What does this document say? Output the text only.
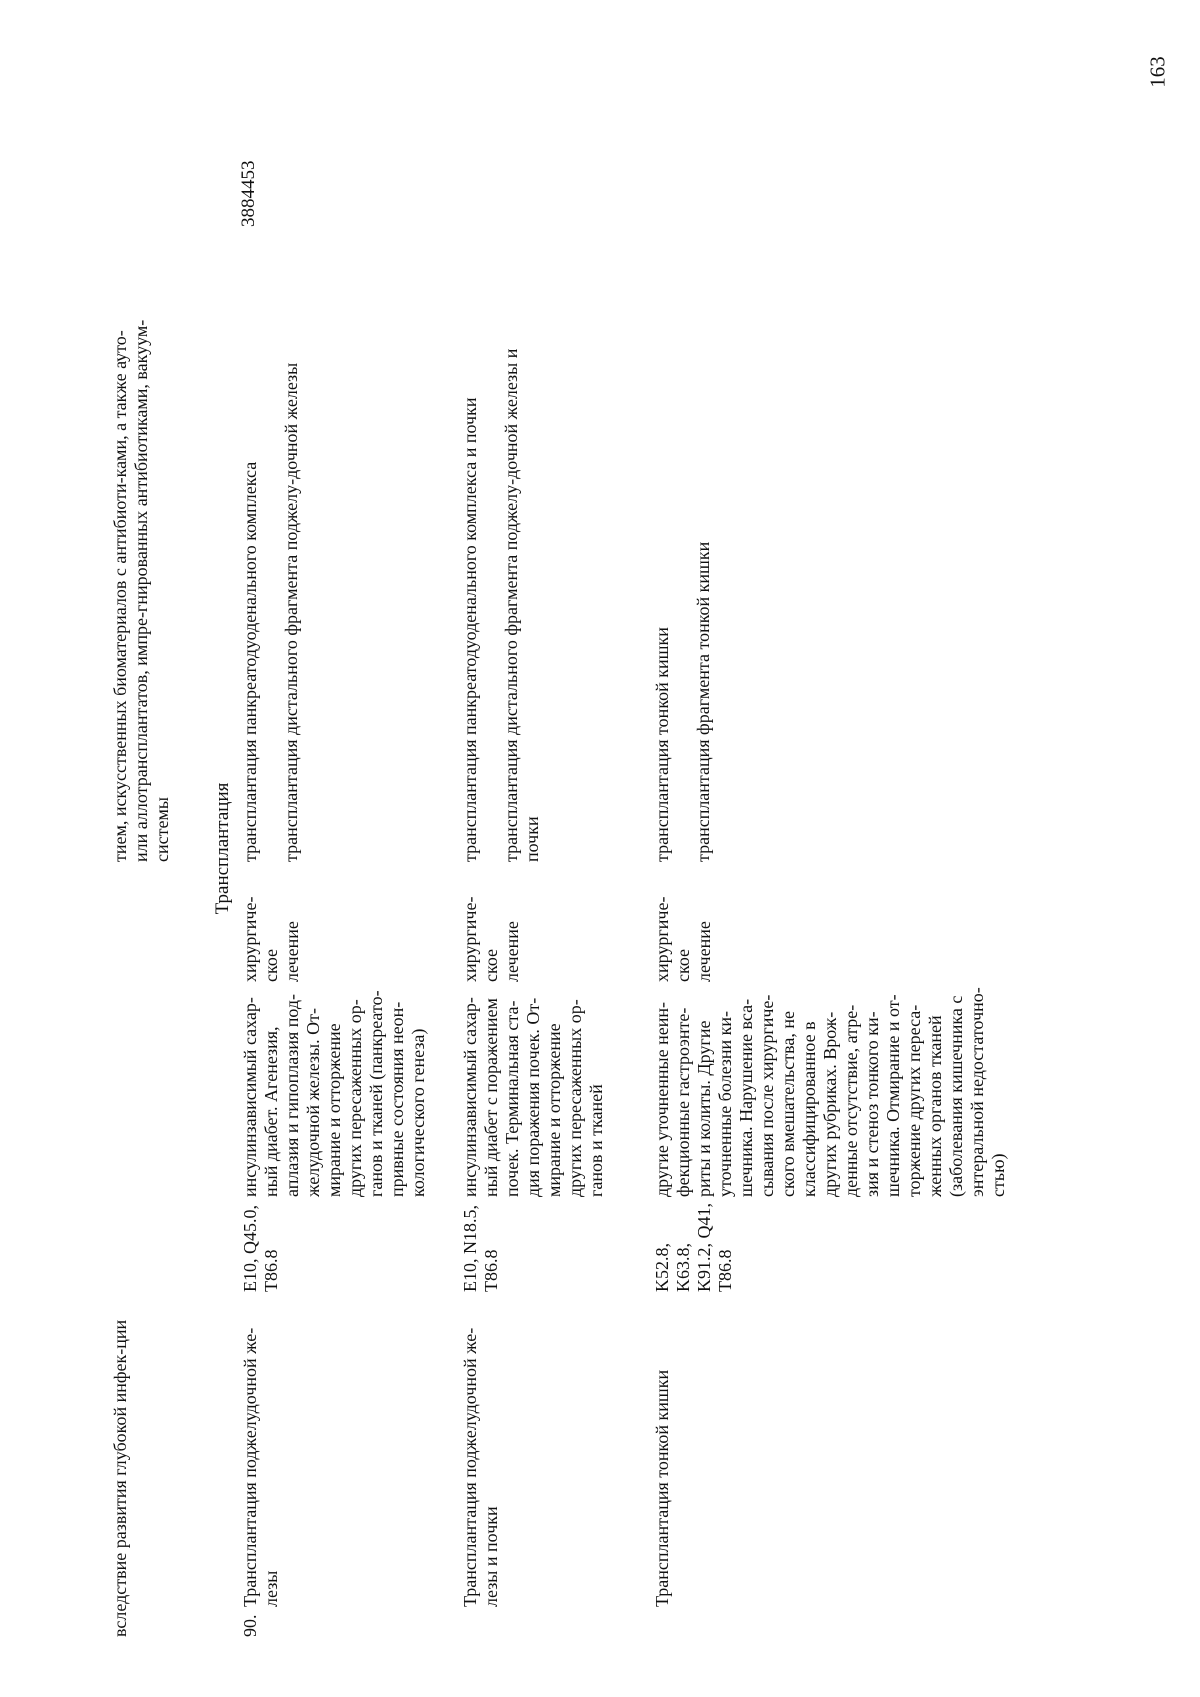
163
вследствие развития глубокой инфек-ции
тием, искусственных биоматериалов с антибиоти-ками, а также ауто- или аллотрансплантатов, импре-гнированных антибиотиками, вакуум-системы Трансплантация
90.
3884453
Трансплантация поджелудочной же-лезы
E10, Q45.0, T86.8
инсулинзависимый сахар-ный диабет. Агенезия, аплазия и гипоплазия под-желудочной железы. От-мирание и отторжение других пересаженных ор-ганов и тканей (панкреато-привные состояния неон-кологического генеза)
хирургиче-ское лечение
трансплантация панкреатодуоденального комплекса трансплантация дистального фрагмента поджелу-дочной железы
Трансплантация поджелудочной же-лезы и почки
E10, N18.5, T86.8
инсулинзависимый сахар-ный диабет с поражением почек. Терминальная ста-дия поражения почек. От-мирание и отторжение других пересаженных ор-ганов и тканей
хирургиче-ское лечение
трансплантация панкреатодуоденального комплекса и почки трансплантация дистального фрагмента поджелу-дочной железы и почки
Трансплантация тонкой кишки
K52.8, K63.8, K91.2, Q41, T86.8
другие уточненные неин-фекционные гастроэнте-риты и колиты. Другие уточненные болезни ки-шечника. Нарушение вса-сывания после хирургиче-ского вмешательства, не классифицированное в других рубриках. Врож-денные отсутствие, атре-зия и стеноз тонкого ки-шечника. Отмирание и от-торжение других переса-женных органов тканей (заболевания кишечника с энтеральной недостаточно-стью)
хирургиче-ское лечение
трансплантация тонкой кишки трансплантация фрагмента тонкой кишки
